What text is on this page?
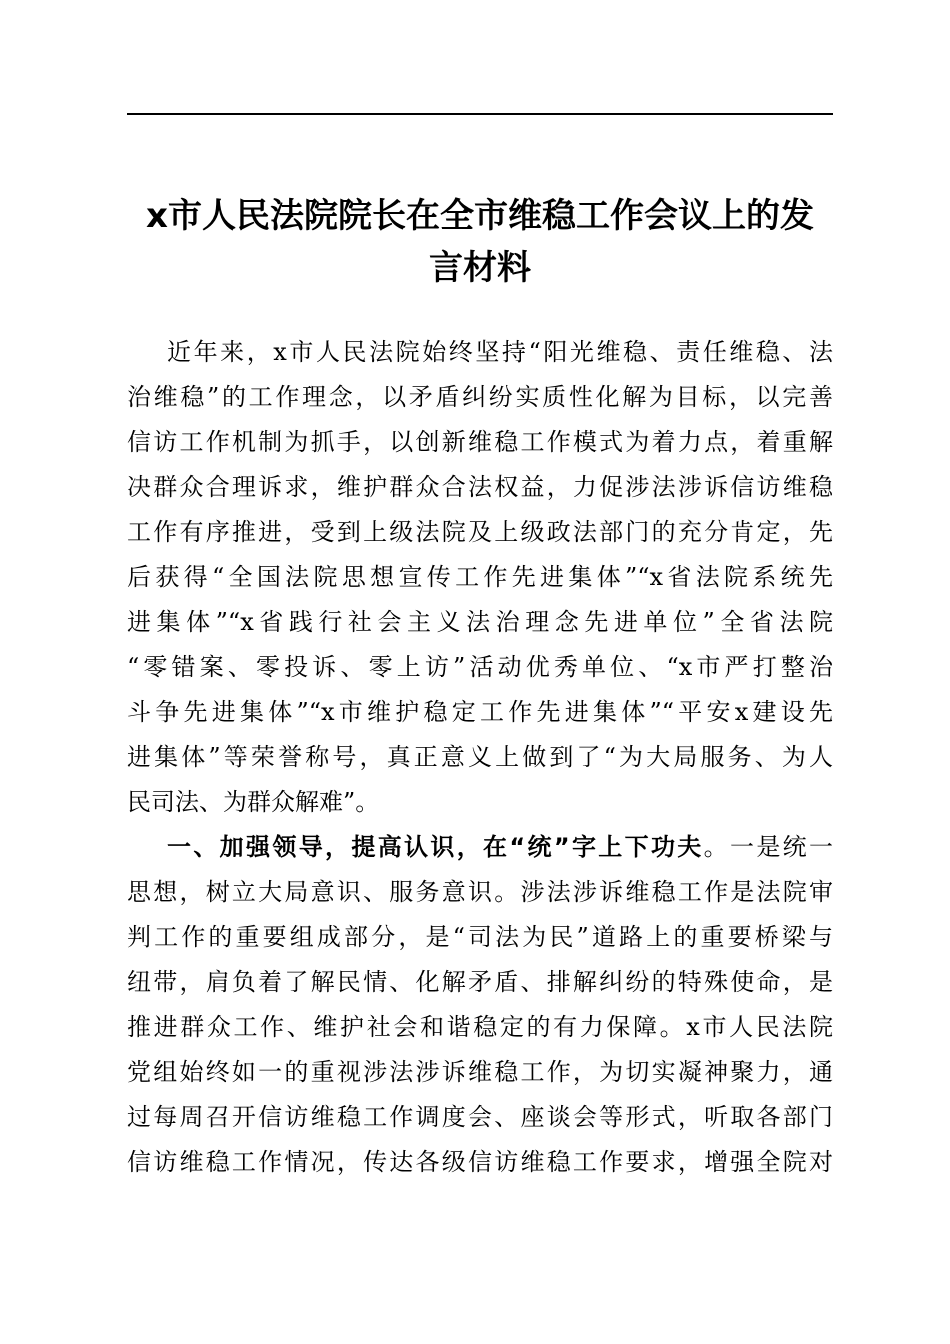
x市人民法院院长在全市维稳工作会议上的发
言材料
近年来，x市人民法院始终坚持“阳光维稳、责任维稳、法
治维稳”的工作理念，以矛盾纠纷实质性化解为目标，以完善
信访工作机制为抓手，以创新维稳工作模式为着力点，着重解
决群众合理诉求，维护群众合法权益，力促涉法涉诉信访维稳
工作有序推进，受到上级法院及上级政法部门的充分肯定，先
后获得“全国法院思想宣传工作先进集体”“x省法院系统先
进集体”“x省践行社会主义法治理念先进单位”全省法院
“零错案、零投诉、零上访”活动优秀单位、“x市严打整治
斗争先进集体”“x市维护稳定工作先进集体”“平安x建设先
进集体”等荣誉称号，真正意义上做到了“为大局服务、为人
民司法、为群众解难”。
一、加强领导，提高认识，在“统”字上下功夫。一是统一
思想，树立大局意识、服务意识。涉法涉诉维稳工作是法院审
判工作的重要组成部分，是“司法为民”道路上的重要桥梁与
纽带，肩负着了解民情、化解矛盾、排解纠纷的特殊使命，是
推进群众工作、维护社会和谐稳定的有力保障。x市人民法院
党组始终如一的重视涉法涉诉维稳工作，为切实凝神聚力，通
过每周召开信访维稳工作调度会、座谈会等形式，听取各部门
信访维稳工作情况，传达各级信访维稳工作要求，增强全院对
